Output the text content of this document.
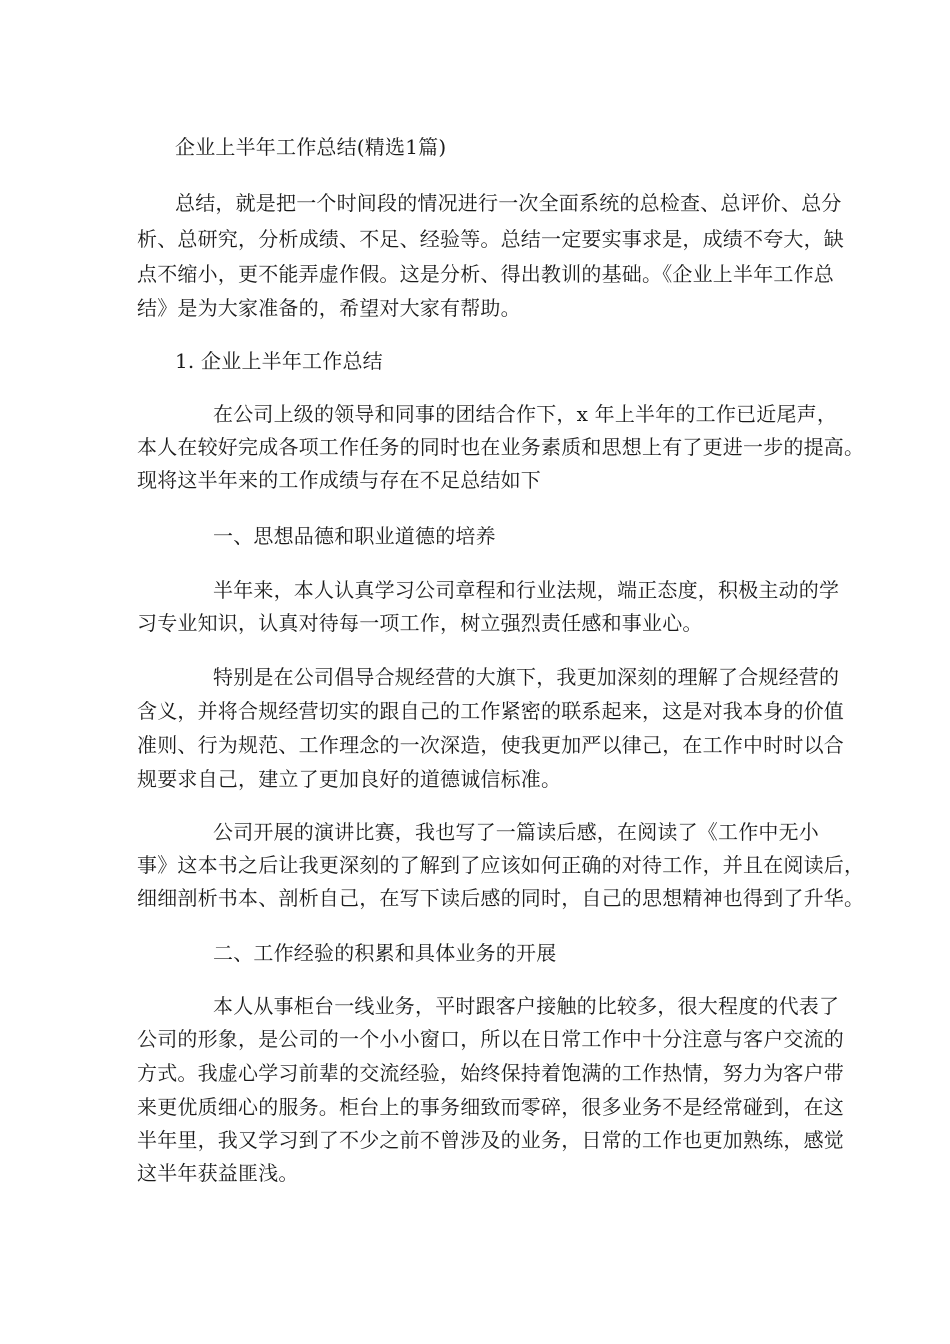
企业上半年工作总结(精选1篇)
总结，就是把一个时间段的情况进行一次全面系统的总检查、总评价、总分
析、总研究，分析成绩、不足、经验等。总结一定要实事求是，成绩不夸大，缺
点不缩小，更不能弄虚作假。这是分析、得出教训的基础。《企业上半年工作总
结》是为大家准备的，希望对大家有帮助。
1. 企业上半年工作总结
在公司上级的领导和同事的团结合作下，x 年上半年的工作已近尾声，
本人在较好完成各项工作任务的同时也在业务素质和思想上有了更进一步的提高。
现将这半年来的工作成绩与存在不足总结如下
一、思想品德和职业道德的培养
半年来，本人认真学习公司章程和行业法规，端正态度，积极主动的学
习专业知识，认真对待每一项工作，树立强烈责任感和事业心。
特别是在公司倡导合规经营的大旗下，我更加深刻的理解了合规经营的
含义，并将合规经营切实的跟自己的工作紧密的联系起来，这是对我本身的价值
准则、行为规范、工作理念的一次深造，使我更加严以律己，在工作中时时以合
规要求自己，建立了更加良好的道德诚信标准。
公司开展的演讲比赛，我也写了一篇读后感，在阅读了《工作中无小
事》这本书之后让我更深刻的了解到了应该如何正确的对待工作，并且在阅读后，
细细剖析书本、剖析自己，在写下读后感的同时，自己的思想精神也得到了升华。
二、工作经验的积累和具体业务的开展
本人从事柜台一线业务，平时跟客户接触的比较多，很大程度的代表了
公司的形象，是公司的一个小小窗口，所以在日常工作中十分注意与客户交流的
方式。我虚心学习前辈的交流经验，始终保持着饱满的工作热情，努力为客户带
来更优质细心的服务。柜台上的事务细致而零碎，很多业务不是经常碰到，在这
半年里，我又学习到了不少之前不曾涉及的业务，日常的工作也更加熟练，感觉
这半年获益匪浅。
